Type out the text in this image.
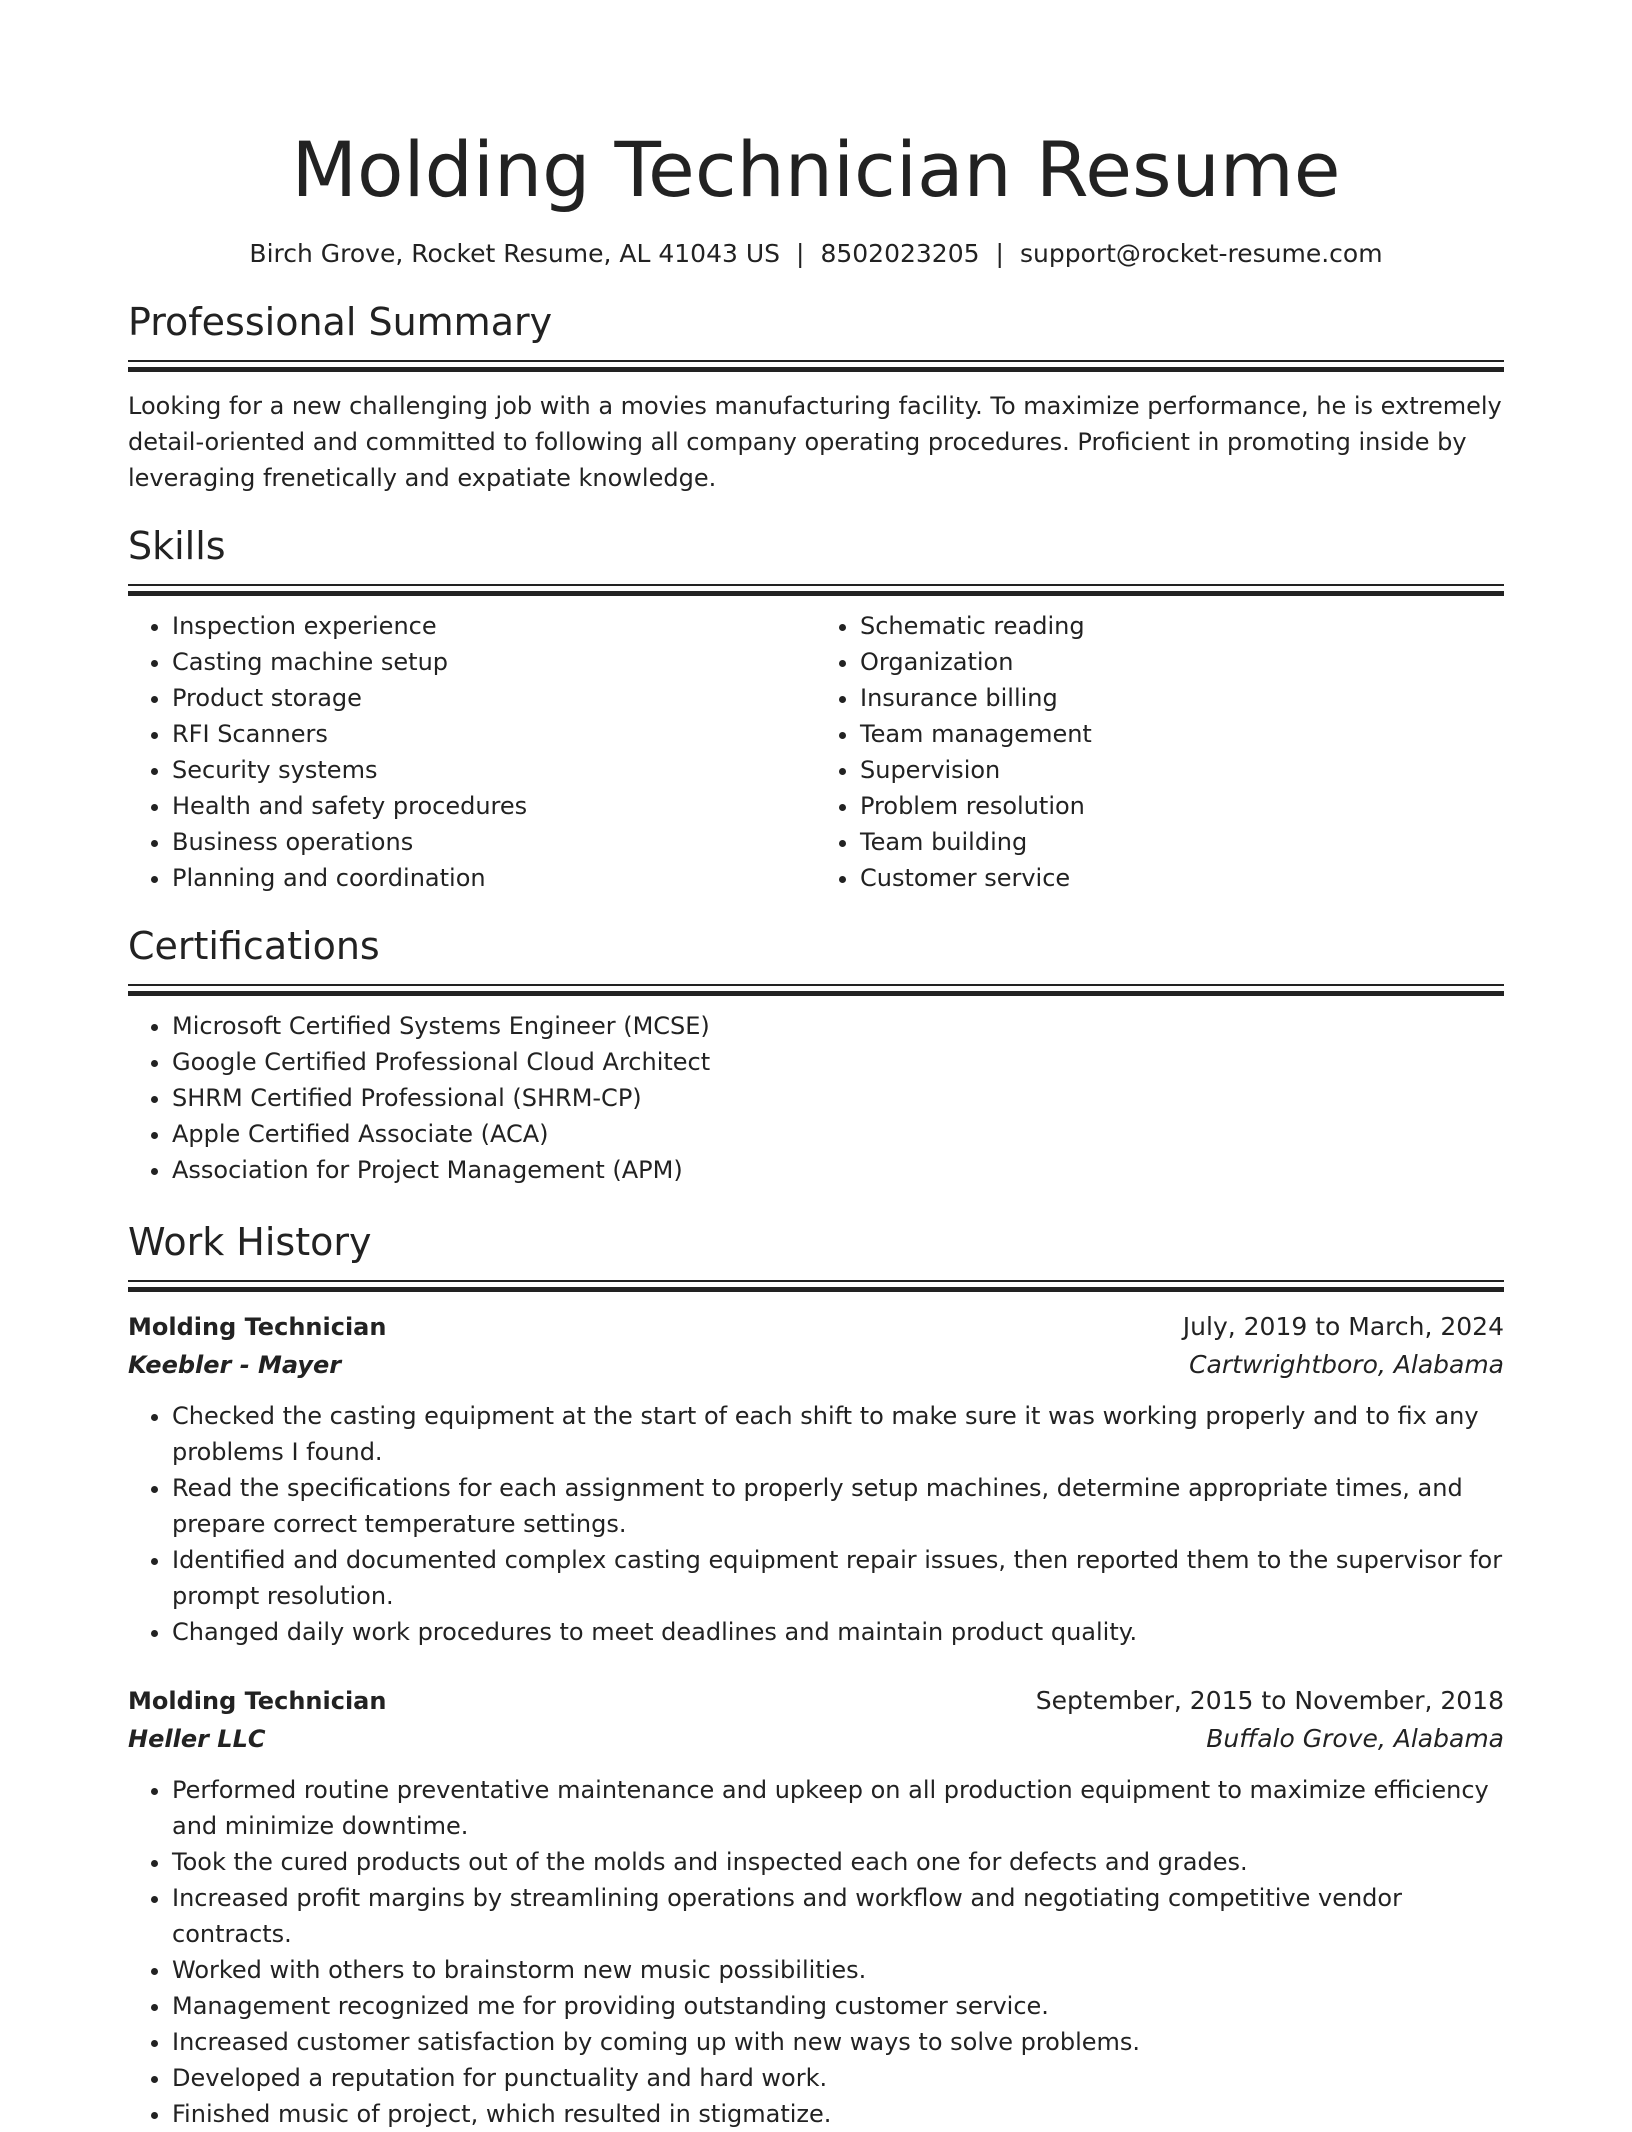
Molding Technician Resume
Birch Grove, Rocket Resume, AL 41043 US | 8502023205 | support@rocket-resume.com
Professional Summary

Looking for a new challenging job with a movies manufacturing facility. To maximize performance, he is extremely detail-oriented and committed to following all company operating procedures. Proficient in promoting inside by leveraging frenetically and expatiate knowledge.

Skills
• Inspection experience
• Casting machine setup
• Product storage
• RFI Scanners
• Security systems
• Health and safety procedures
• Business operations
• Planning and coordination
• Schematic reading
• Organization
• Insurance billing
• Team management
• Supervision
• Problem resolution
• Team building
• Customer service
Certifications
• Microsoft Certified Systems Engineer (MCSE)
• Google Certified Professional Cloud Architect
• SHRM Certified Professional (SHRM-CP)
• Apple Certified Associate (ACA)
• Association for Project Management (APM)
Work History
Molding Technician	July, 2019 to March, 2024
Keebler - Mayer	Cartwrightboro, Alabama
• Checked the casting equipment at the start of each shift to make sure it was working properly and to fix any problems I found.
• Read the specifications for each assignment to properly setup machines, determine appropriate times, and prepare correct temperature settings.
• Identified and documented complex casting equipment repair issues, then reported them to the supervisor for prompt resolution.
• Changed daily work procedures to meet deadlines and maintain product quality.
Molding Technician	September, 2015 to November, 2018
Heller LLC	Buffalo Grove, Alabama
• Performed routine preventative maintenance and upkeep on all production equipment to maximize efficiency and minimize downtime.
• Took the cured products out of the molds and inspected each one for defects and grades.
• Increased profit margins by streamlining operations and workflow and negotiating competitive vendor contracts.
• Worked with others to brainstorm new music possibilities.
• Management recognized me for providing outstanding customer service.
• Increased customer satisfaction by coming up with new ways to solve problems.
• Developed a reputation for punctuality and hard work.
• Finished music of project, which resulted in stigmatize.
